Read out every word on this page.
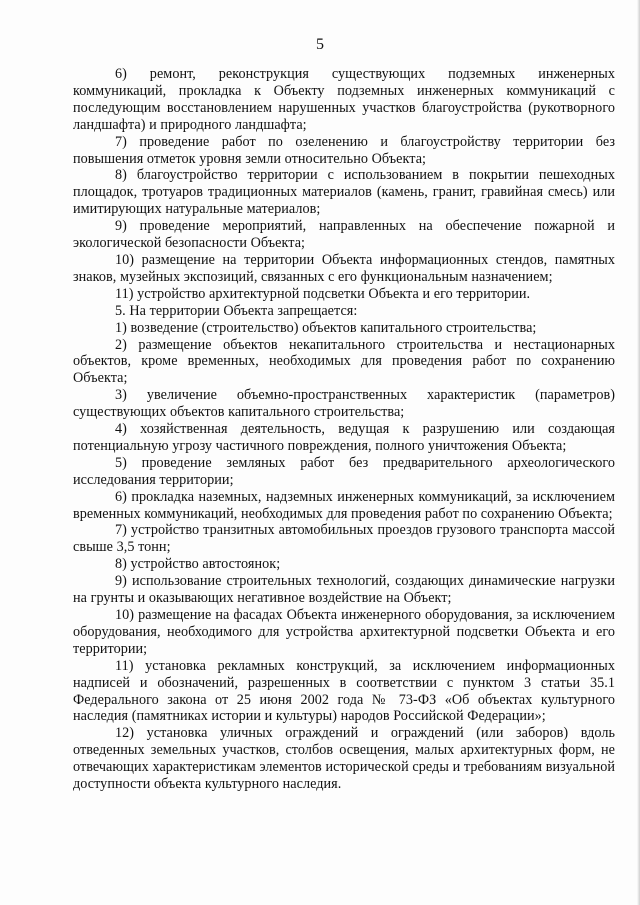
5

6) ремонт, реконструкция существующих подземных инженерных коммуникаций, прокладка к Объекту подземных инженерных коммуникаций с последующим восстановлением нарушенных участков благоустройства (рукотворного ландшафта) и природного ландшафта;

7) проведение работ по озеленению и благоустройству территории без повышения отметок уровня земли относительно Объекта;

8) благоустройство территории с использованием в покрытии пешеходных площадок, тротуаров традиционных материалов (камень, гранит, гравийная смесь) или имитирующих натуральные материалов;

9) проведение мероприятий, направленных на обеспечение пожарной и экологической безопасности Объекта;

10) размещение на территории Объекта информационных стендов, памятных знаков, музейных экспозиций, связанных с его функциональным назначением;

11) устройство архитектурной подсветки Объекта и его территории.

5. На территории Объекта запрещается:

1) возведение (строительство) объектов капитального строительства;

2) размещение объектов некапитального строительства и нестационарных объектов, кроме временных, необходимых для проведения работ по сохранению Объекта;

3) увеличение объемно-пространственных характеристик (параметров) существующих объектов капитального строительства;

4) хозяйственная деятельность, ведущая к разрушению или создающая потенциальную угрозу частичного повреждения, полного уничтожения Объекта;

5) проведение земляных работ без предварительного археологического исследования территории;

6) прокладка наземных, надземных инженерных коммуникаций, за исключением временных коммуникаций, необходимых для проведения работ по сохранению Объекта;

7) устройство транзитных автомобильных проездов грузового транспорта массой свыше 3,5 тонн;

8) устройство автостоянок;

9) использование строительных технологий, создающих динамические нагрузки на грунты и оказывающих негативное воздействие на Объект;

10) размещение на фасадах Объекта инженерного оборудования, за исключением оборудования, необходимого для устройства архитектурной подсветки Объекта и его территории;

11) установка рекламных конструкций, за исключением информационных надписей и обозначений, разрешенных в соответствии с пунктом 3 статьи 35.1 Федерального закона от 25 июня 2002 года № 73-ФЗ «Об объектах культурного наследия (памятниках истории и культуры) народов Российской Федерации»;

12) установка уличных ограждений и ограждений (или заборов) вдоль отведенных земельных участков, столбов освещения, малых архитектурных форм, не отвечающих характеристикам элементов исторической среды и требованиям визуальной доступности объекта культурного наследия.
